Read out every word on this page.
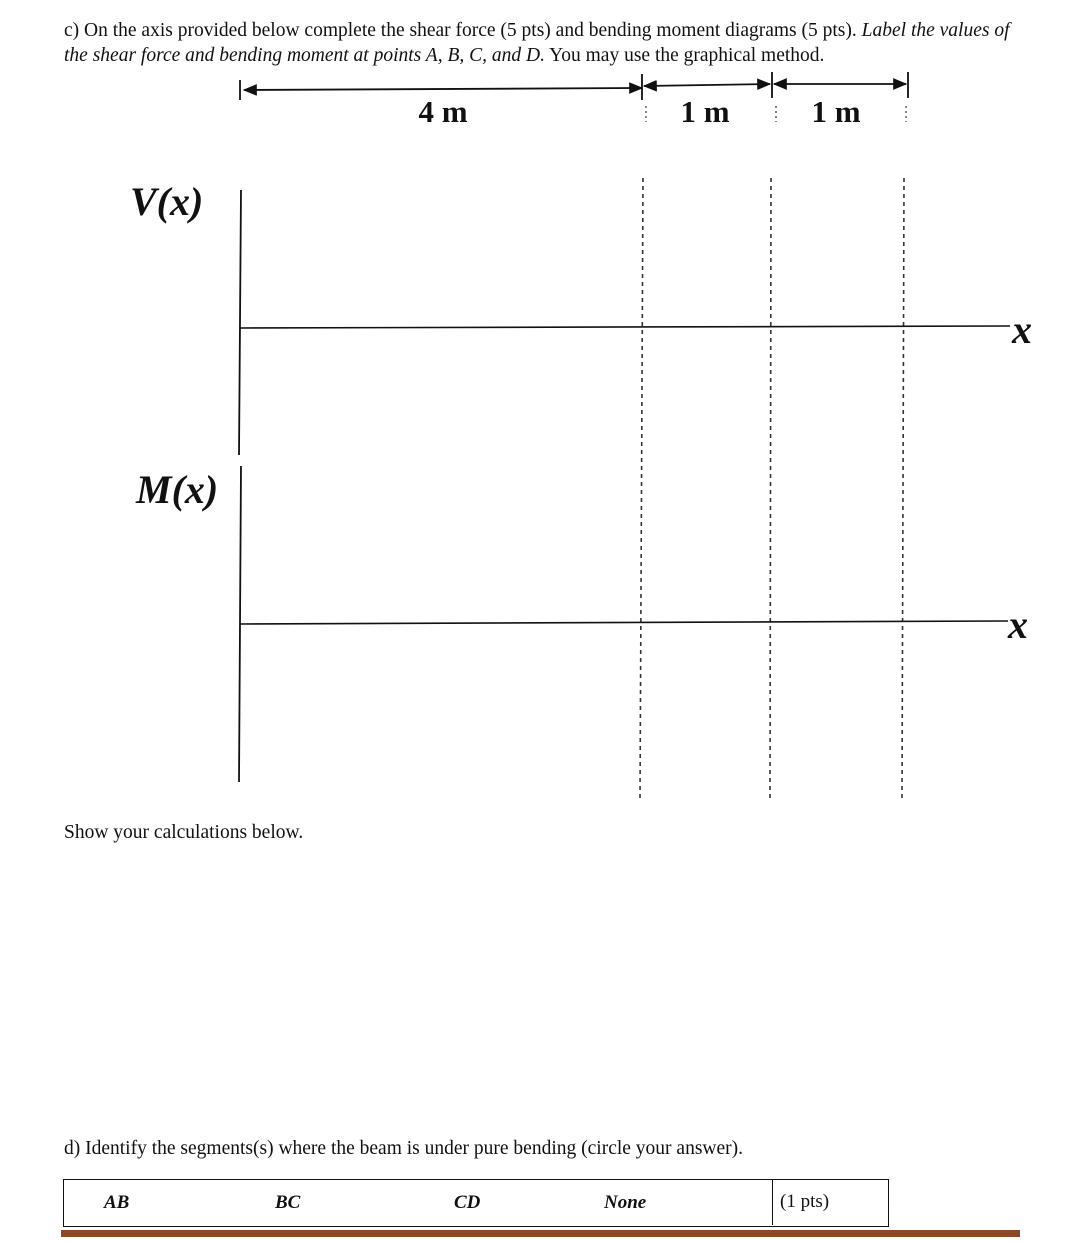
c) On the axis provided below complete the shear force (5 pts) and bending moment diagrams (5 pts). Label the values of the shear force and bending moment at points A, B, C, and D. You may use the graphical method.
4 m	1 m	1 m
V(x)
x
M(x)
x
Show your calculations below.
d) Identify the segments(s) where the beam is under pure bending (circle your answer).
AB	BC	CD	None	(1 pts)
